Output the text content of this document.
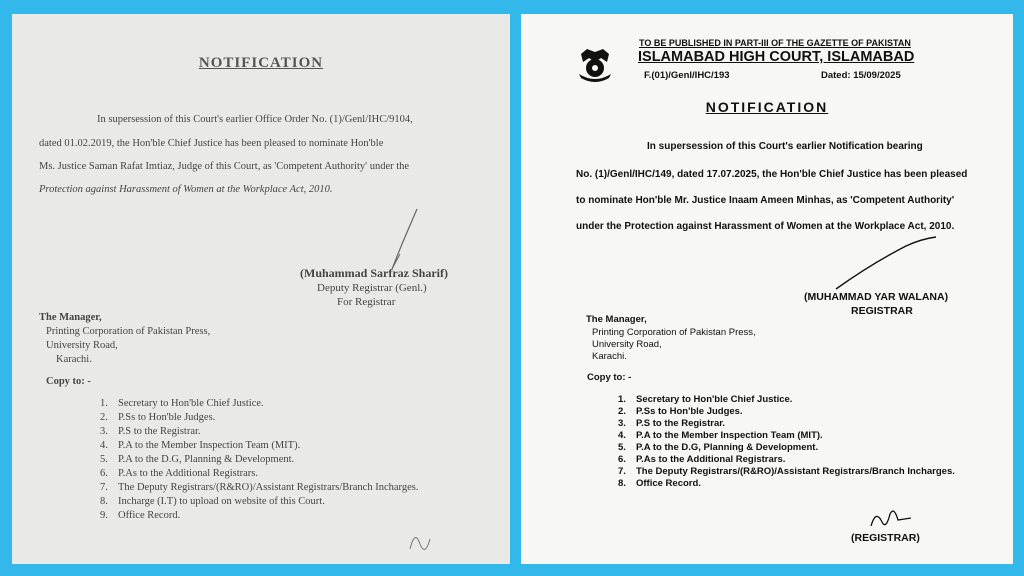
NOTIFICATION
In supersession of this Court's earlier Office Order No. (1)/Genl/IHC/9104,
dated 01.02.2019, the Hon'ble Chief Justice has been pleased to nominate Hon'ble
Ms. Justice Saman Rafat Imtiaz, Judge of this Court, as 'Competent Authority' under the
Protection against Harassment of Women at the Workplace Act, 2010.
(Muhammad Sarfraz Sharif)
Deputy Registrar (Genl.)
For Registrar
The Manager,
Printing Corporation of Pakistan Press,
University Road,
Karachi.
Copy to: -
1. Secretary to Hon'ble Chief Justice.
2. P.Ss to Hon'ble Judges.
3. P.S to the Registrar.
4. P.A to the Member Inspection Team (MIT).
5. P.A to the D.G, Planning & Development.
6. P.As to the Additional Registrars.
7. The Deputy Registrars/(R&RO)/Assistant Registrars/Branch Incharges.
8. Incharge (I.T) to upload on website of this Court.
9. Office Record.
TO BE PUBLISHED IN PART-III OF THE GAZETTE OF PAKISTAN
ISLAMABAD HIGH COURT, ISLAMABAD
F.(01)/Genl/IHC/193	Dated: 15/09/2025
NOTIFICATION
In supersession of this Court's earlier Notification bearing
No. (1)/Genl/IHC/149, dated 17.07.2025, the Hon'ble Chief Justice has been pleased
to nominate Hon'ble Mr. Justice Inaam Ameen Minhas, as 'Competent Authority'
under the Protection against Harassment of Women at the Workplace Act, 2010.
(MUHAMMAD YAR WALANA)
REGISTRAR
The Manager,
Printing Corporation of Pakistan Press,
University Road,
Karachi.
Copy to: -
1. Secretary to Hon'ble Chief Justice.
2. P.Ss to Hon'ble Judges.
3. P.S to the Registrar.
4. P.A to the Member Inspection Team (MIT).
5. P.A to the D.G, Planning & Development.
6. P.As to the Additional Registrars.
7. The Deputy Registrars/(R&RO)/Assistant Registrars/Branch Incharges.
8. Office Record.
(REGISTRAR)
